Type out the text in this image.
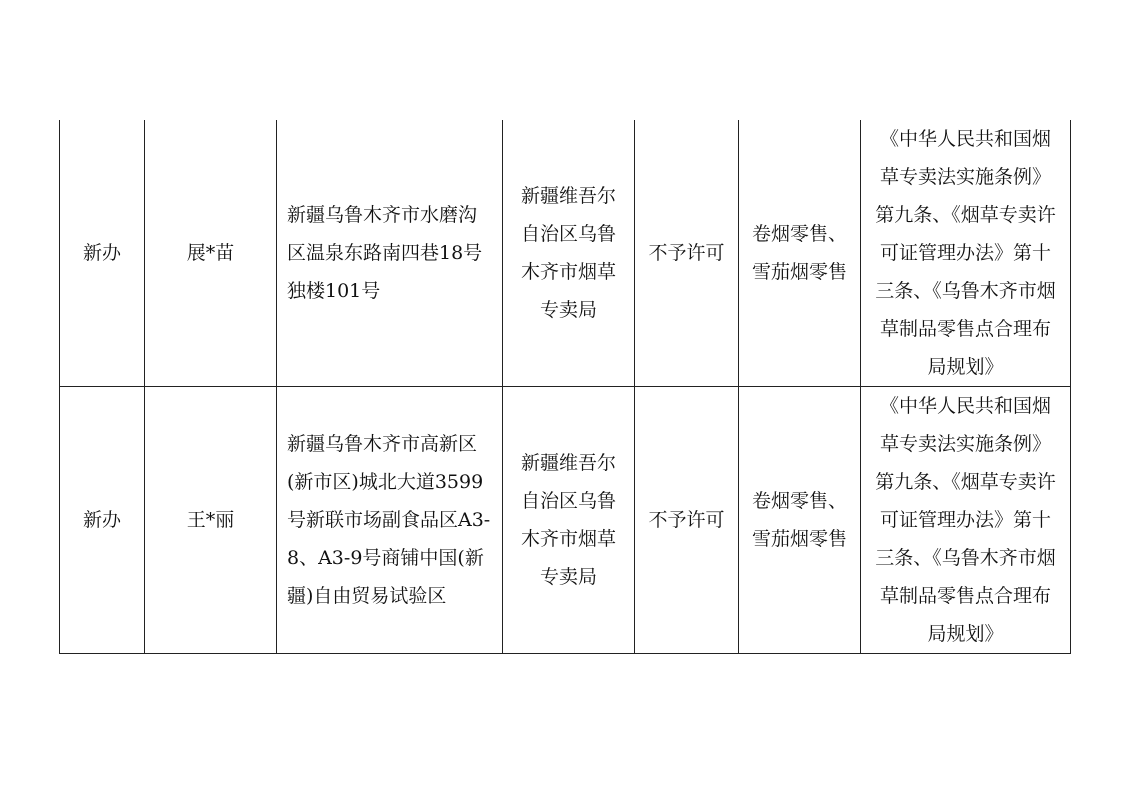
新办	展*苗	新疆乌鲁木齐市水磨沟区温泉东路南四巷18号独楼101号	新疆维吾尔自治区乌鲁木齐市烟草专卖局	不予许可	卷烟零售、雪茄烟零售	《中华人民共和国烟草专卖法实施条例》第九条、《烟草专卖许可证管理办法》第十三条、《乌鲁木齐市烟草制品零售点合理布局规划》

新办	王*丽	新疆乌鲁木齐市高新区(新市区)城北大道3599号新联市场副食品区A3-8、A3-9号商铺中国(新疆)自由贸易试验区	新疆维吾尔自治区乌鲁木齐市烟草专卖局	不予许可	卷烟零售、雪茄烟零售	《中华人民共和国烟草专卖法实施条例》第九条、《烟草专卖许可证管理办法》第十三条、《乌鲁木齐市烟草制品零售点合理布局规划》
